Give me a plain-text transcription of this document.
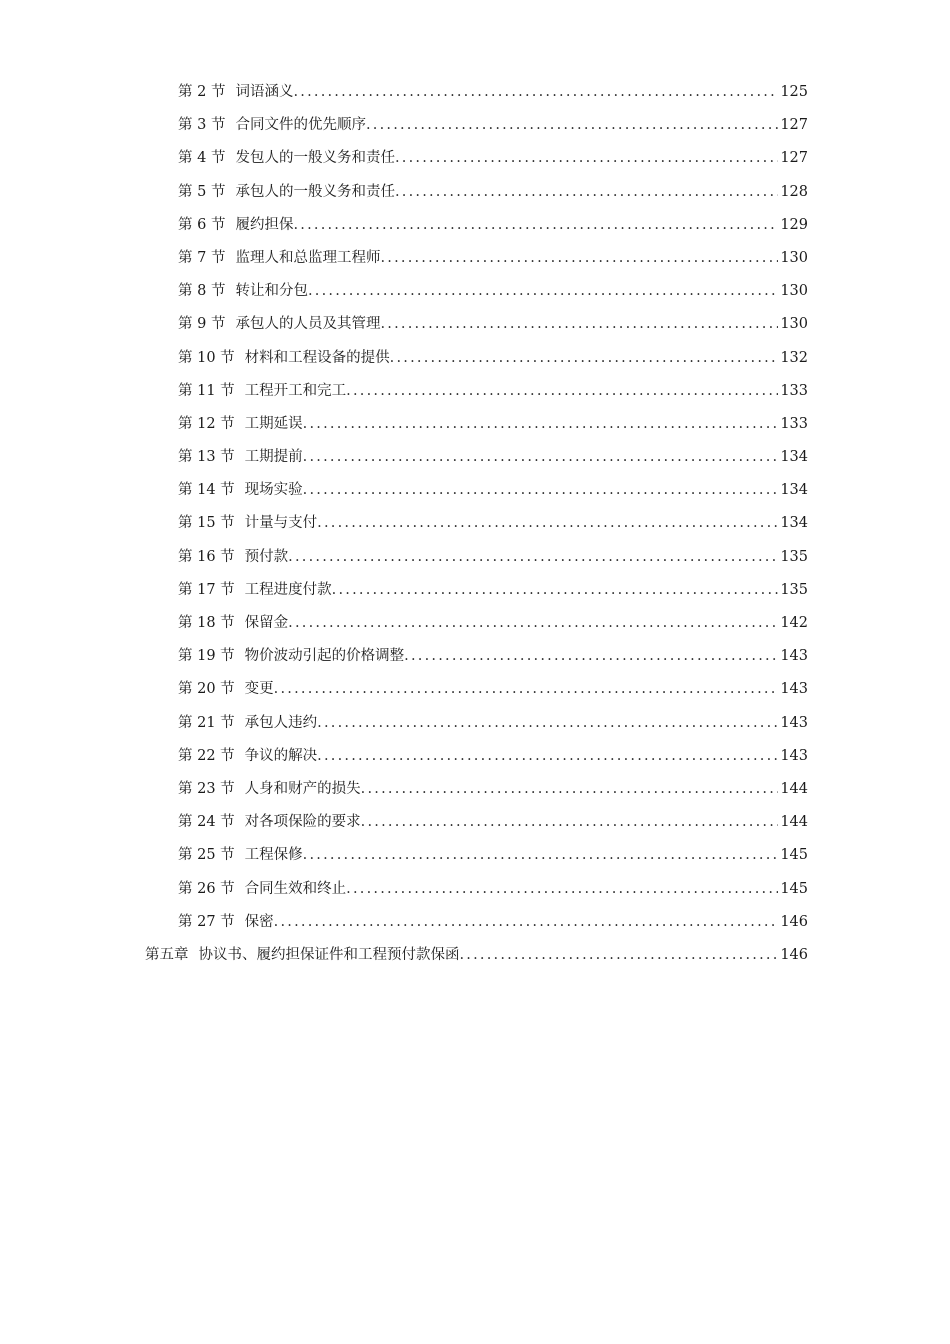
第 2 节 词语涵义 .....	125
第 3 节 合同文件的优先顺序 .....	127
第 4 节 发包人的一般义务和责任 .....	127
第 5 节 承包人的一般义务和责任 .....	128
第 6 节 履约担保 .....	129
第 7 节 监理人和总监理工程师 .....	130
第 8 节 转让和分包 .....	130
第 9 节 承包人的人员及其管理 .....	130
第 10 节 材料和工程设备的提供 .....	132
第 11 节 工程开工和完工 .....	133
第 12 节 工期延误 .....	133
第 13 节 工期提前 .....	134
第 14 节 现场实验 .....	134
第 15 节 计量与支付 .....	134
第 16 节 预付款 .....	135
第 17 节 工程进度付款 .....	135
第 18 节 保留金 .....	142
第 19 节 物价波动引起的价格调整 .....	143
第 20 节 变更 .....	143
第 21 节 承包人违约 .....	143
第 22 节 争议的解决 .....	143
第 23 节 人身和财产的损失 .....	144
第 24 节 对各项保险的要求 .....	144
第 25 节 工程保修 .....	145
第 26 节 合同生效和终止 .....	145
第 27 节 保密 .....	146
第五章 协议书、履约担保证件和工程预付款保函 .....	146
